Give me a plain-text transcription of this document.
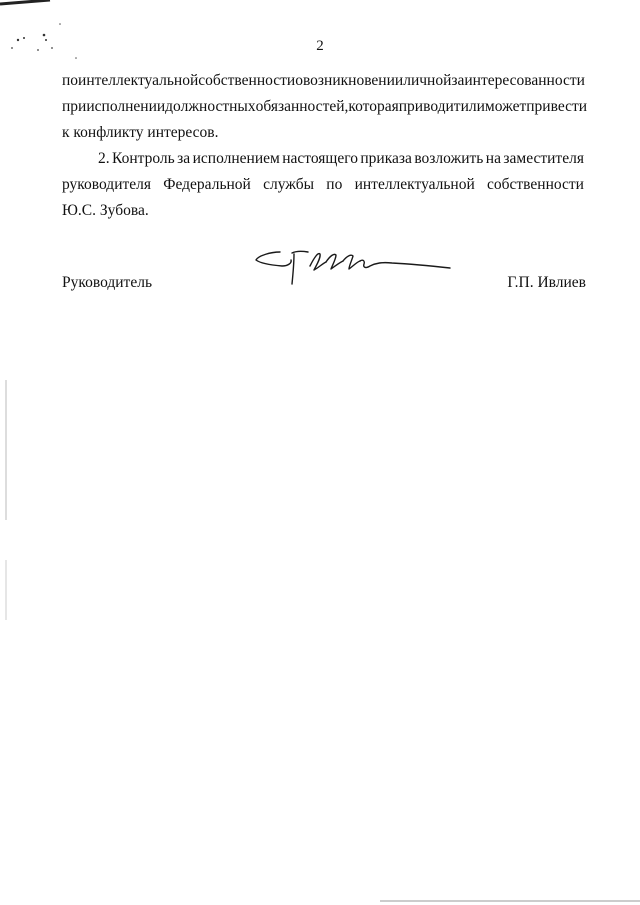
2
по интеллектуальной собственности о возникновении личной заинтересованности
при исполнении должностных обязанностей, которая приводит или может привести
к конфликту интересов.
2. Контроль за исполнением настоящего приказа возложить на заместителя
руководителя Федеральной службы по интеллектуальной собственности
Ю.С. Зубова.
Руководитель	Г.П. Ивлиев
